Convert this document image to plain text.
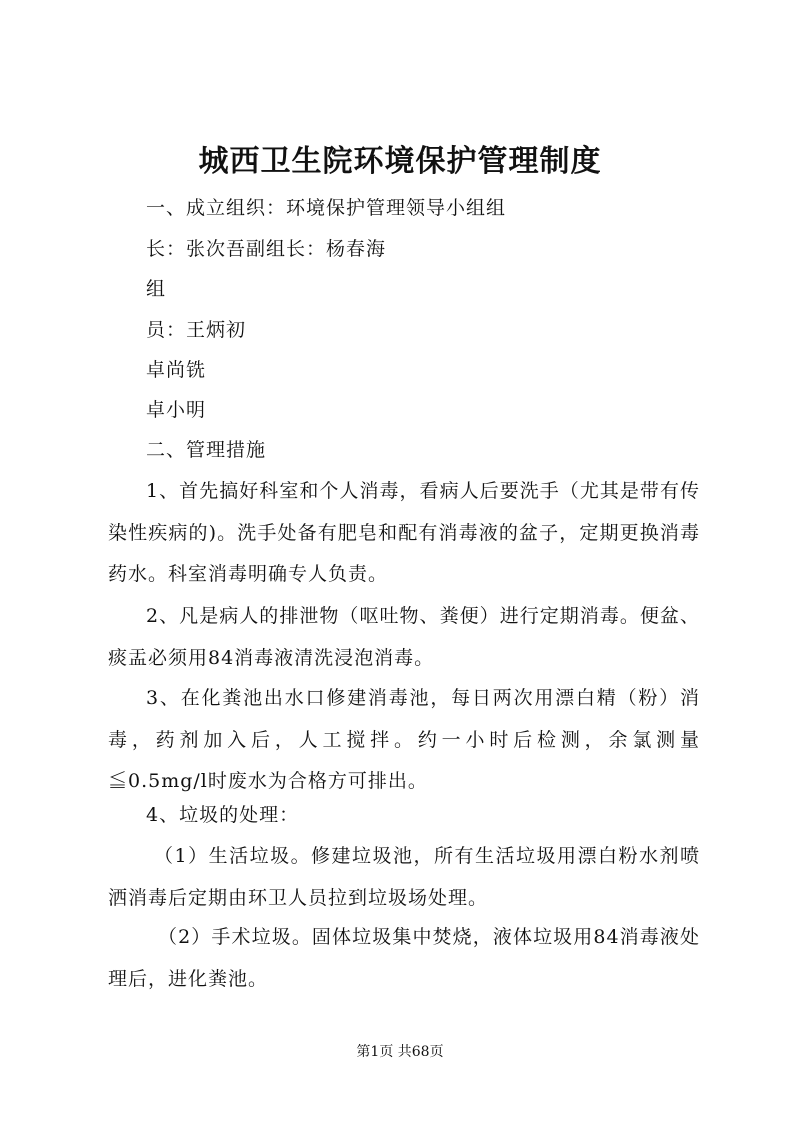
城西卫生院环境保护管理制度
一、成立组织：环境保护管理领导小组组
长：张次吾副组长：杨春海
组
员：王炳初
卓尚铣
卓小明
二、管理措施
1、首先搞好科室和个人消毒，看病人后要洗手（尤其是带有传染性疾病的)。洗手处备有肥皂和配有消毒液的盆子，定期更换消毒药水。科室消毒明确专人负责。
2、凡是病人的排泄物（呕吐物、粪便）进行定期消毒。便盆、痰盂必须用84消毒液清洗浸泡消毒。
3、在化粪池出水口修建消毒池，每日两次用漂白精（粉）消毒，药剂加入后，人工搅拌。约一小时后检测，余氯测量≦0.5mg/l时废水为合格方可排出。
4、垃圾的处理：
（1）生活垃圾。修建垃圾池，所有生活垃圾用漂白粉水剂喷洒消毒后定期由环卫人员拉到垃圾场处理。
（2）手术垃圾。固体垃圾集中焚烧，液体垃圾用84消毒液处理后，进化粪池。
第1页 共68页
